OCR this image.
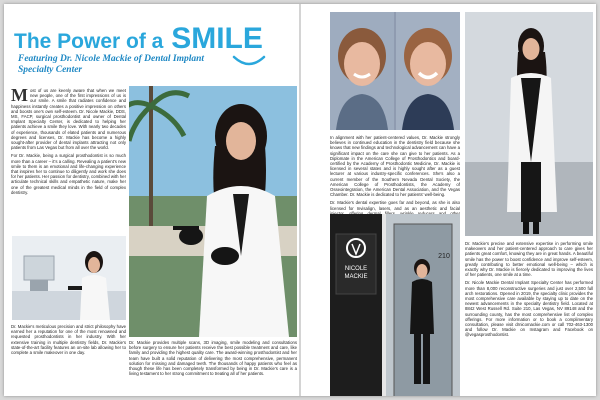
The Power of a SMILE
Featuring Dr. Nicole Mackie of Dental Implant Specialty Center

M ost of us are keenly aware that when we meet new people, one of the first impressions of us is our smile. A smile that radiates confidence and happiness instantly creates a positive impression on others and boosts one's own self-esteem. Dr. Nicole Mackie, DDS, MS, FACP, surgical prosthodontist and owner of Dental Implant Specialty Center, is dedicated to helping her patients achieve a smile they love. With nearly two decades of experience, thousands of elated patients and numerous degrees and licenses, Dr. Mackie has become a highly sought-after provider of dental implants attracting not only patients from Las Vegas but from all over the world.

For Dr. Mackie, being a surgical prosthodontist is so much more than a career – it's a calling. Revealing a patient's new smile to them is an emotional and life-changing experience that inspires her to continue to diligently and work she does for her patients. Her passion for dentistry, combined with her articulate technical skills and empathetic nature, make her one of the greatest medical minds in the field of complex dentistry.

Dr. Mackie's meticulous precision and strict philosophy have earned her a reputation for one of the most renowned and requested prosthodontists in her industry. With her extensive training in multiple dentistry fields, Dr. Mackie's state-of-the-art facility features an on-site lab allowing her to complete a smile makeover in one day.

Dr. Mackie provides multiple scans, 3D imaging, smile modeling and consultations before surgery to ensure her patients receive the best possible treatment and care, like family and providing the highest quality care. The award-winning prosthodontist and her team have built a solid reputation of delivering the most comprehensive, permanent solution for missing and damaged teeth. The thousands of happy patients who feel as though these life has been completely transformed by being in Dr. Mackie's care is a living testament to her strong commitment to treating all of her patients.

In alignment with her patient-centered values, Dr. Mackie strongly believes in continued education in the dentistry field because she knows that new findings and technological advancement can have a significant impact on the care she can give to her patients. As a Diplomate in the American College of Prosthodontics and board-certified by the Academy of Prosthodontic Medicine, Dr. Mackie is licensed in several states and is highly sought after as a guest lecturer at various industry-specific conferences. She's also a current member of the Southern Nevada Dental Society, the American College of Prosthodontists, the Academy of Osseointegration, the American Dental Association, and the Vegas Chamber. Dr. Mackie is dedicated to her patients' well-being.

Dr. Mackie's dental expertise goes far and beyond, as she is also licensed for Invisalign, lasers, and as an aesthetic and facial

NICOLE
MACKIE
210

Dr. Mackie's precise and extensive expertise in performing smile makeovers and her patient-centered approach to care gives her patients great comfort, knowing they are in great hands. A beautiful smile has the power to boost confidence and improve self-esteem, greatly contributing to better emotional well-being – which is exactly why Dr. Mackie is fiercely dedicated to improving the lives of her patients, one smile at a time.

Dr. Nicole Mackie Dental Implant Specialty Center has performed more than 8,000 reconstructive surgeries and just over 2,500 full arch restorations. Opened in 2019, the specialty clinic provides the most comprehensive care available by staying up to date on the newest advancements in the specialty dentistry field. Located at 8842 West Russell Rd. Suite 210, Las Vegas, NV 89148 and the surrounding county, has the most comprehensive list of complex offerings. For more information or to book a complimentary consultation, please visit drnicomackie.com or call 702-463-1300 and follow Dr. Mackie on Instagram and Facebook on @vegasprosthodontist.
